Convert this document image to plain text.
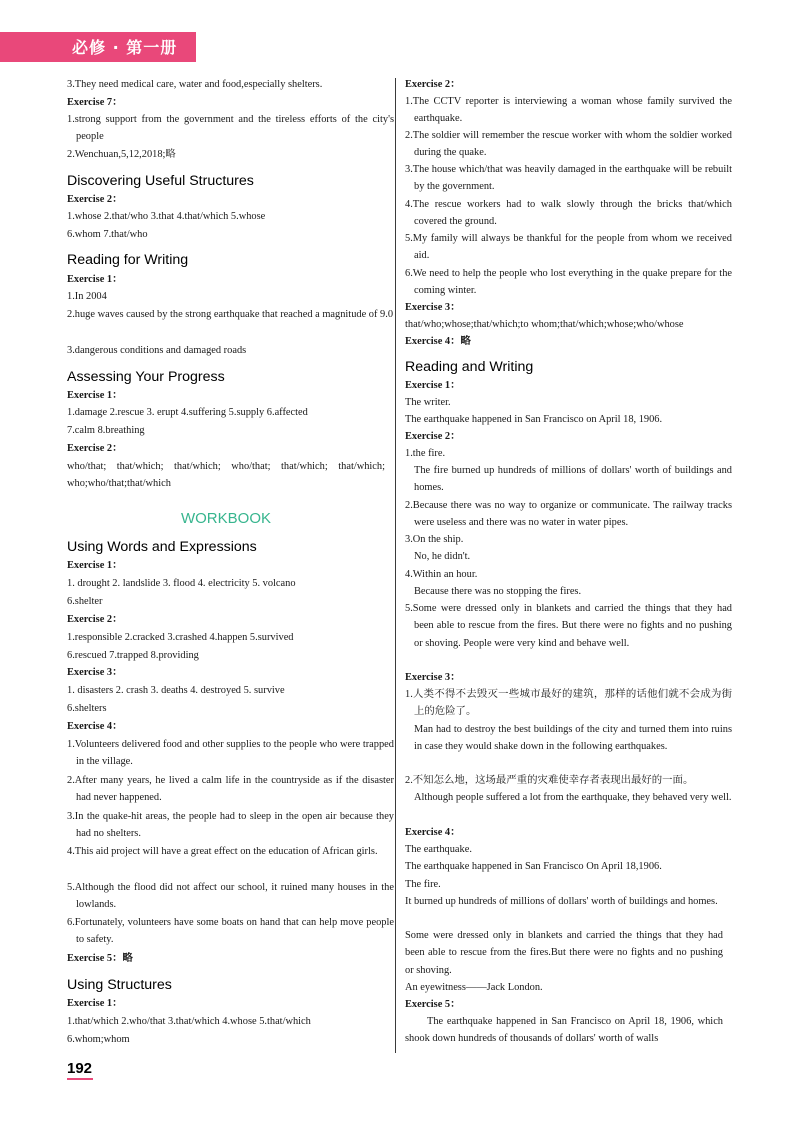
必修 · 第一册
3.They need medical care, water and food,especially shelters.
Exercise 7：
1.strong support from the government and the tireless efforts of the city's people
2.Wenchuan,5,12,2018;略
Discovering Useful Structures
Exercise 2：
1.whose 2.that/who 3.that 4.that/which 5.whose
6.whom 7.that/who
Reading for Writing
Exercise 1：
1.In 2004
2.huge waves caused by the strong earthquake that reached a magnitude of 9.0
3.dangerous conditions and damaged roads
Assessing Your Progress
Exercise 1：
1.damage 2.rescue 3. erupt 4.suffering 5.supply 6.affected
7.calm 8.breathing
Exercise 2：
who/that; that/which; that/which; who/that; that/which; that/which; who;who/that;that/which
WORKBOOK
Using Words and Expressions
Exercise 1：
1. drought 2. landslide 3. flood 4. electricity 5. volcano
6.shelter
Exercise 2：
1.responsible 2.cracked 3.crashed 4.happen 5.survived
6.rescued 7.trapped 8.providing
Exercise 3：
1. disasters 2. crash 3. deaths 4. destroyed 5. survive
6.shelters
Exercise 4：
1.Volunteers delivered food and other supplies to the people who were trapped in the village.
2.After many years, he lived a calm life in the countryside as if the disaster had never happened.
3.In the quake-hit areas, the people had to sleep in the open air because they had no shelters.
4.This aid project will have a great effect on the education of African girls.
5.Although the flood did not affect our school, it ruined many houses in the lowlands.
6.Fortunately, volunteers have some boats on hand that can help move people to safety.
Exercise 5：略
Using Structures
Exercise 1：
1.that/which 2.who/that 3.that/which 4.whose 5.that/which
6.whom;whom
Exercise 2：
1.The CCTV reporter is interviewing a woman whose family survived the earthquake.
2.The soldier will remember the rescue worker with whom the soldier worked during the quake.
3.The house which/that was heavily damaged in the earthquake will be rebuilt by the government.
4.The rescue workers had to walk slowly through the bricks that/which covered the ground.
5.My family will always be thankful for the people from whom we received aid.
6.We need to help the people who lost everything in the quake prepare for the coming winter.
Exercise 3：
that/who;whose;that/which;to whom;that/which;whose;who/whose
Exercise 4：略
Reading and Writing
Exercise 1：
The writer.
The earthquake happened in San Francisco on April 18, 1906.
Exercise 2：
1.the fire.
The fire burned up hundreds of millions of dollars' worth of buildings and homes.
2.Because there was no way to organize or communicate. The railway tracks were useless and there was no water in water pipes.
3.On the ship.
No, he didn't.
4.Within an hour.
Because there was no stopping the fires.
5.Some were dressed only in blankets and carried the things that they had been able to rescue from the fires. But there were no fights and no pushing or shoving. People were very kind and behave well.
Exercise 3：
1.人类不得不去毁灭一些城市最好的建筑，那样的话他们就不会成为街上的危险了。
Man had to destroy the best buildings of the city and turned them into ruins in case they would shake down in the following earthquakes.
2.不知怎么地，这场最严重的灾难使幸存者表现出最好的一面。
Although people suffered a lot from the earthquake, they behaved very well.
Exercise 4：
The earthquake.
The earthquake happened in San Francisco On April 18,1906.
The fire.
It burned up hundreds of millions of dollars' worth of buildings and homes.
Some were dressed only in blankets and carried the things that they had been able to rescue from the fires.But there were no fights and no pushing or shoving.
An eyewitness——Jack London.
Exercise 5：
The earthquake happened in San Francisco on April 18, 1906, which shook down hundreds of thousands of dollars' worth of walls
192
